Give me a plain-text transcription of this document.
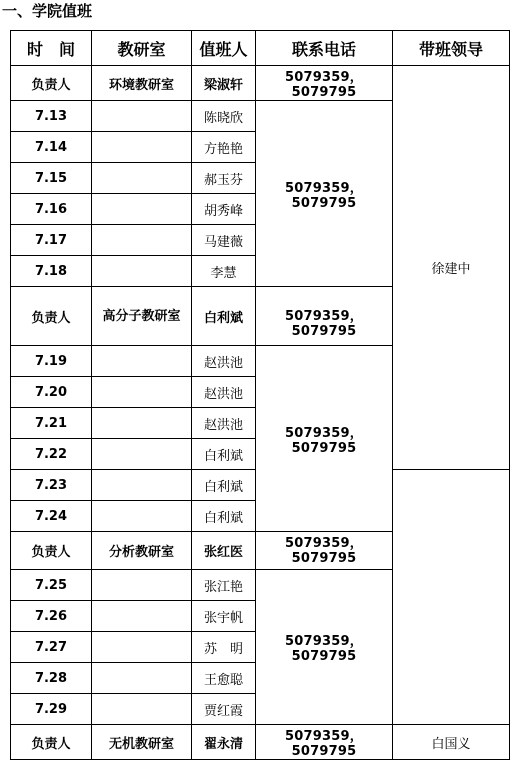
一、学院值班
时　间	教研室	值班人	联系电话	带班领导	
负责人	环境教研室	梁淑轩	5079359，5079795	徐建中	
7.13		陈晓欣	5079359，5079795		
7.14		方艳艳			
7.15		郝玉芬			
7.16		胡秀峰			
7.17		马建薇			
7.18		李慧			
负责人	高分子教研室	白利斌	5079359，5079795		
7.19		赵洪池	5079359，5079795		
7.20		赵洪池			
7.21		赵洪池			
7.22		白利斌	
7.23		白利斌			
7.24		白利斌			
负责人	分析教研室	张红医	5079359，5079795		
7.25		张江艳	5079359，5079795		
7.26		张宇帆			
7.27		苏　明			
7.28		王愈聪			
7.29		贾红霞			
负责人	无机教研室	翟永清	5079359，5079795	白国义	
